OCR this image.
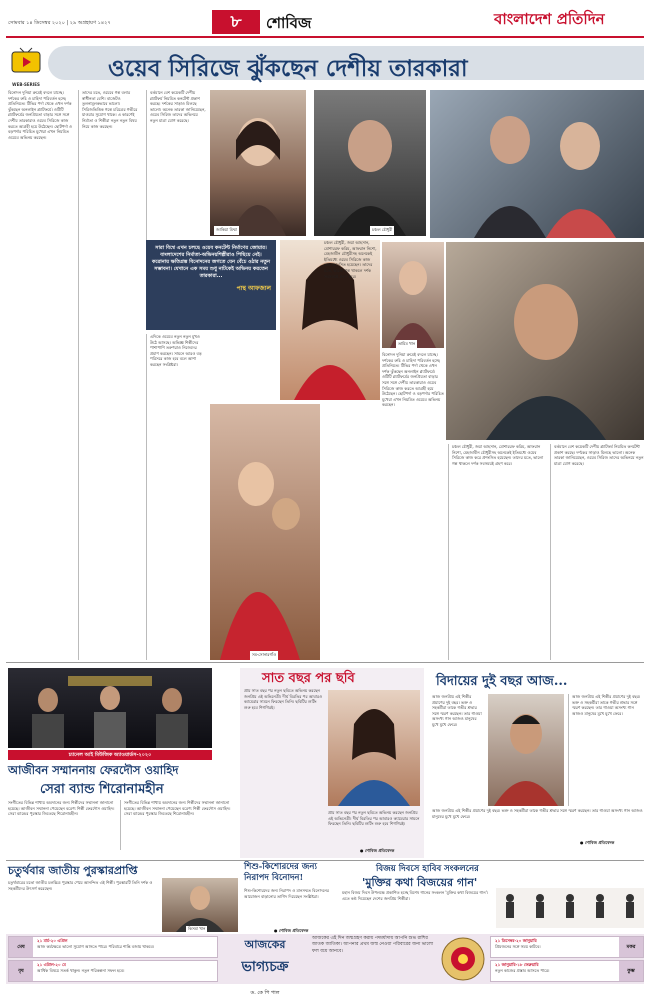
সোমবার ১৪ ডিসেম্বর ২০২০ | ২৯ অগ্রহায়ণ ১৪২৭	৮	শোবিজ	বাংলাদেশ প্রতিদিন
WEB-SERIES
ওয়েব সিরিজে ঝুঁকছেন দেশীয় তারকারা
বিনোদন দুনিয়া ক্রমেই বদলে যাচ্ছে। দর্শকের রুচি ও চাহিদা পরিবর্তন হচ্ছে প্রতিনিয়ত। টিভির পর্দা থেকে এখন দর্শক ঝুঁকছেন অনলাইন প্ল্যাটফর্মে। ওটিটি প্ল্যাটফর্মের জনপ্রিয়তা বাড়ার সঙ্গে সঙ্গে দেশীয় তারকারাও ওয়েব সিরিজে কাজ করতে আগ্রহী হয়ে উঠেছেন। ছোটপর্দা ও বড়পর্দার পরিচিত মুখেরা এখন নিয়মিত ওয়েবে অভিনয় করছেন।
তাদের মতে, ওয়েবে গল্প বলার স্বাধীনতা বেশি। বাজেটও তুলনামূলকভাবে ভালো। সিরিজভিত্তিক গল্পে চরিত্রের গভীরে যাওয়ার সুযোগ থাকে। এ কারণেই নির্মাতা ও শিল্পীরা নতুন নতুন বিষয় নিয়ে কাজ করছেন।
বর্তমানে বেশ কয়েকটি দেশীয় প্ল্যাটফর্ম নিয়মিত কনটেন্ট প্রকাশ করছে। দর্শকের সাড়াও মিলছে ভালো। অনেক তারকা জানিয়েছেন, ওয়েব সিরিজ তাদের অভিনয়ে নতুন মাত্রা যোগ করেছে।
সারা বিশ্বে এখন চলছে ওয়েব কনটেন্ট নির্মাণের জোয়ার। বাংলাদেশের নির্মাতা-অভিনয়শিল্পীরাও পিছিয়ে নেই। করোনায় ক্ষতিগ্রস্ত বিনোদনের জগতে যেন বেঁচে ওঠার নতুন সম্ভাবনা। যেখানে এক সময় শুধু নাটকেই অভিনয় করতেন তারকারা...
পান্থ আফজাল
জাকিয়া মিম্মা	চঞ্চল চৌধুরী
এদিকে ওয়েবে নতুন নতুন মুখও উঠে আসছে। অভিজ্ঞ শিল্পীদের পাশাপাশি তরুণরাও নিজেদের প্রমাণ করছেন। সামনে আরও বড় পরিসরে কাজ হবে বলে আশা করছেন সংশ্লিষ্টরা।
সম-সোনারগাঁও
চঞ্চল চৌধুরী, জয়া আহসান, মোশাররফ করিম, আফরান নিশো, মেহজাবীন চৌধুরীসহ অনেকেই ইতিমধ্যে ওয়েব সিরিজে কাজ করে প্রশংসিত হয়েছেন। তাদের মতে, ভালো গল্প থাকলে দর্শক সবসময়ই গ্রহণ করে।
তামিম খান
বিনোদন দুনিয়া ক্রমেই বদলে যাচ্ছে। দর্শকের রুচি ও চাহিদা পরিবর্তন হচ্ছে প্রতিনিয়ত। টিভির পর্দা থেকে এখন দর্শক ঝুঁকছেন অনলাইন প্ল্যাটফর্মে। ওটিটি প্ল্যাটফর্মের জনপ্রিয়তা বাড়ার সঙ্গে সঙ্গে দেশীয় তারকারাও ওয়েব সিরিজে কাজ করতে আগ্রহী হয়ে উঠেছেন। ছোটপর্দা ও বড়পর্দার পরিচিত মুখেরা এখন নিয়মিত ওয়েবে অভিনয় করছেন।
চঞ্চল চৌধুরী, জয়া আহসান, মোশাররফ করিম, আফরান নিশো, মেহজাবীন চৌধুরীসহ অনেকেই ইতিমধ্যে ওয়েব সিরিজে কাজ করে প্রশংসিত হয়েছেন। তাদের মতে, ভালো গল্প থাকলে দর্শক সবসময়ই গ্রহণ করে।
বর্তমানে বেশ কয়েকটি দেশীয় প্ল্যাটফর্ম নিয়মিত কনটেন্ট প্রকাশ করছে। দর্শকের সাড়াও মিলছে ভালো। অনেক তারকা জানিয়েছেন, ওয়েব সিরিজ তাদের অভিনয়ে নতুন মাত্রা যোগ করেছে।
চ্যানেল আই মিউজিক অ্যাওয়ার্ডস-২০২০
আজীবন সম্মাননায় ফেরদৌস ওয়াহিদ
সেরা ব্যান্ড শিরোনামহীন
সংগীতের বিভিন্ন শাখায় অবদানের জন্য শিল্পীদের সম্মাননা জানানো হয়েছে। আজীবন সম্মাননা পেয়েছেন বরেণ্য শিল্পী ফেরদৌস ওয়াহিদ। সেরা ব্যান্ডের পুরস্কার জিতেছে শিরোনামহীন।
সংগীতের বিভিন্ন শাখায় অবদানের জন্য শিল্পীদের সম্মাননা জানানো হয়েছে। আজীবন সম্মাননা পেয়েছেন বরেণ্য শিল্পী ফেরদৌস ওয়াহিদ। সেরা ব্যান্ডের পুরস্কার জিতেছে শিরোনামহীন।
সাত বছর পর ছবি
প্রায় সাত বছর পর নতুন ছবিতে অভিনয় করছেন জনপ্রিয় এই অভিনেত্রী। দীর্ঘ বিরতির পর আবারও ক্যামেরার সামনে ফিরছেন তিনি। ছবিটির শুটিং শুরু হবে শিগগিরই।
প্রায় সাত বছর পর নতুন ছবিতে অভিনয় করছেন জনপ্রিয় এই অভিনেত্রী। দীর্ঘ বিরতির পর আবারও ক্যামেরার সামনে ফিরছেন তিনি। ছবিটির শুটিং শুরু হবে শিগগিরই।
● শোবিজ প্রতিবেদক
বিদায়ের দুই বছর আজ...
আজ জনপ্রিয় এই শিল্পীর প্রয়াণের দুই বছর। ভক্ত ও সহকর্মীরা তাকে গভীর শ্রদ্ধার সঙ্গে স্মরণ করছেন। তার গাওয়া অসংখ্য গান আজও মানুষের মুখে মুখে ফেরে।
আজ জনপ্রিয় এই শিল্পীর প্রয়াণের দুই বছর। ভক্ত ও সহকর্মীরা তাকে গভীর শ্রদ্ধার সঙ্গে স্মরণ করছেন। তার গাওয়া অসংখ্য গান আজও মানুষের মুখে মুখে ফেরে।
আজ জনপ্রিয় এই শিল্পীর প্রয়াণের দুই বছর। ভক্ত ও সহকর্মীরা তাকে গভীর শ্রদ্ধার সঙ্গে স্মরণ করছেন। তার গাওয়া অসংখ্য গান আজও মানুষের মুখে মুখে ফেরে।
● শোবিজ প্রতিবেদক
চতুর্থবার জাতীয় পুরস্কারপ্রাপ্তি
চতুর্থবারের মতো জাতীয় চলচ্চিত্র পুরস্কার পেয়ে আনন্দিত এই শিল্পী। পুরস্কারটি তিনি দর্শক ও সহকর্মীদের উৎসর্গ করেছেন।
কিসমা খান
শিশু-কিশোরদের জন্য নিরাপদ বিনোদন!
শিশু-কিশোরদের জন্য নিরাপদ ও মানসম্মত বিনোদনের আয়োজন বাড়ানোর তাগিদ দিয়েছেন সংশ্লিষ্টরা।
● শোবিজ প্রতিবেদক
বিজয় দিবসে হাবিব সংকলনের
'মুক্তির কথা বিজয়ের গান'
মহান বিজয় দিবস উপলক্ষে প্রকাশিত হচ্ছে বিশেষ গানের সংকলন 'মুক্তির কথা বিজয়ের গান'। এতে কণ্ঠ দিয়েছেন দেশের জনপ্রিয় শিল্পীরা।
আজকের
ভাগ্যচক্র
ড. কে পি পাল
আজকের এই দিন জন্মগ্রহণ করায় পদমর্যাদায় আপনি শুভ রাশির জাতক জাতিকা। আপনার প্রথম জন্ম নেওয়া পরিবারের জন্য ভালো ফল বয়ে আনবে।
মেষ
২১ মার্চ-২০ এপ্রিল
আজ কর্মক্ষেত্রে ভালো সুযোগ আসতে পারে। পরিবারে শান্তি বজায় থাকবে।
বৃষ
২১ এপ্রিল-২০ মে
আর্থিক বিষয়ে সতর্ক থাকুন। নতুন পরিকল্পনা সফল হবে।
২১ ডিসেম্বর-২০ জানুয়ারি
প্রিয়জনের সঙ্গে সময় কাটবে।	মকর
২১ জানুয়ারি-১৮ ফেব্রুয়ারি
নতুন কাজের প্রস্তাব আসতে পারে।	কুম্ভ
